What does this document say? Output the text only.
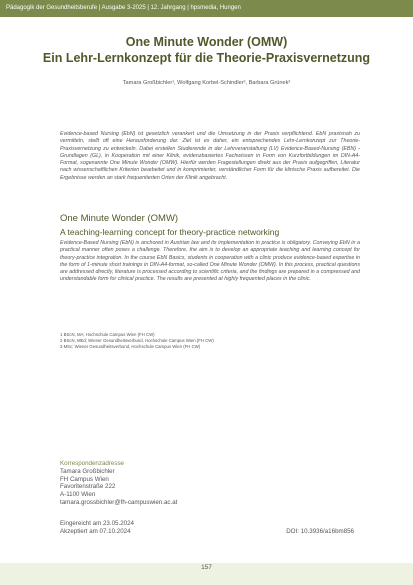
Pädagogik der Gesundheitsberufe | Ausgabe 3-2025 | 12. Jahrgang | hpsmedia, Hungen
One Minute Wonder (OMW)
Ein Lehr-Lernkonzept für die Theorie-Praxisvernetzung
Tamara Großbichler¹, Wolfgang Korbel-Schindler², Barbara Grünek³

Evidence-based Nursing (EbN) ist gesetzlich verankert und die Umsetzung in der Praxis verpflichtend. EbN praxisnah zu vermitteln, stellt oft eine Herausforderung dar. Ziel ist es daher, ein entsprechendes Lehr-Lernkonzept zur Theorie-Praxisvernetzung zu entwickeln. Dabei erstellen Studierende in der Lehrveranstaltung (LV) Evidence-Based-Nursing (EBN) - Grundlagen (GL), in Kooperation mit einer Klinik, evidenzbasiertes Fachwissen in Form von Kurzfortbildungen im DIN-A4-Format, sogenannte One Minute Wonder (OMW). Hierfür werden Fragestellungen direkt aus der Praxis aufgegriffen, Literatur nach wissenschaftlichen Kriterien bearbeitet und in komprimierter, verständlicher Form für die klinische Praxis aufbereitet. Die Ergebnisse werden an stark frequentierten Orten der Klinik angebracht.

One Minute Wonder (OMW)
A teaching-learning concept for theory-practice networking

Evidence-Based Nursing (EbN) is anchored in Austrian law and its implementation in practice is obligatory. Conveying EbN in a practical manner often poses a challenge. Therefore, the aim is to develop an appropriate teaching and learning concept for theory-practice integration. In the course EbN Basics, students in cooperation with a clinic produce evidence-based expertise in the form of 1-minute short trainings in DIN-A4-format, so-called One Minute Wonder (OMW). In this process, practical questions are addressed directly, literature is processed according to scientific criteria, and the findings are prepared in a compressed and understandable form for clinical practice. The results are presented at highly frequented places in the clinic.

1 BScN, MA; Hochschule Campus Wien (FH CW)
2 BScN, MEd; Wiener Gesundheitsverbund, Hochschule Campus Wien (FH CW)
3 MSc; Wiener Gesundheitsverbund, Hochschule Campus Wien (FH CW)
Korrespondenzadresse
Tamara Großbichler
FH Campus Wien
Favoritenstraße 222
A-1100 Wien
tamara.grossbichler@fh-campuswien.ac.at
Eingereicht am 23.05.2024
Akzeptiert am 07.10.2024	DOI: 10.3936/a16bm856
157
